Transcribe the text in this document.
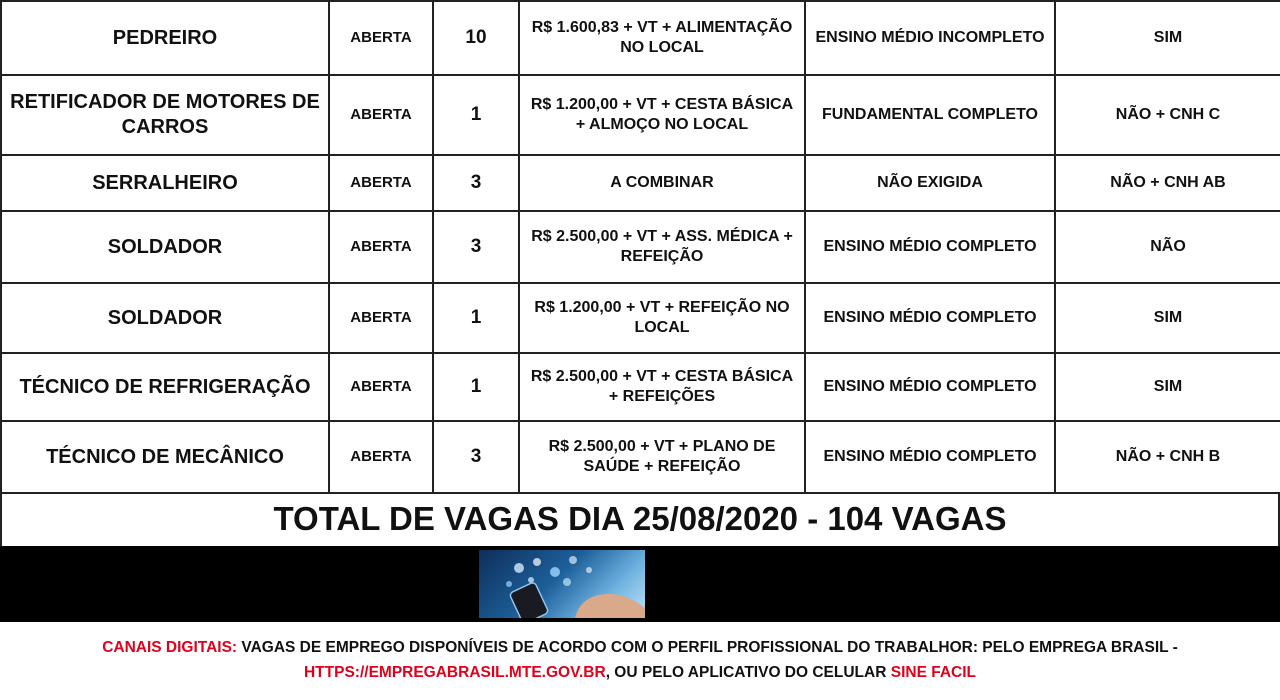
PEDREIRO	ABERTA	10	R$ 1.600,83 + VT + ALIMENTAÇÃO NO LOCAL	ENSINO MÉDIO INCOMPLETO	SIM
RETIFICADOR DE MOTORES DE CARROS	ABERTA	1	R$ 1.200,00 + VT + CESTA BÁSICA + ALMOÇO NO LOCAL	FUNDAMENTAL COMPLETO	NÃO + CNH C
SERRALHEIRO	ABERTA	3	A COMBINAR	NÃO EXIGIDA	NÃO + CNH AB
SOLDADOR	ABERTA	3	R$ 2.500,00 + VT + ASS. MÉDICA + REFEIÇÃO	ENSINO MÉDIO COMPLETO	NÃO
SOLDADOR	ABERTA	1	R$ 1.200,00 + VT + REFEIÇÃO NO LOCAL	ENSINO MÉDIO COMPLETO	SIM
TÉCNICO DE REFRIGERAÇÃO	ABERTA	1	R$ 2.500,00 + VT + CESTA BÁSICA + REFEIÇÕES	ENSINO MÉDIO COMPLETO	SIM
TÉCNICO DE MECÂNICO	ABERTA	3	R$ 2.500,00 + VT + PLANO DE SAÚDE + REFEIÇÃO	ENSINO MÉDIO COMPLETO	NÃO + CNH B
TOTAL DE VAGAS DIA 25/08/2020 - 104 VAGAS
CANAIS DIGITAIS: VAGAS DE EMPREGO DISPONÍVEIS DE ACORDO COM O PERFIL PROFISSIONAL DO TRABALHOR: PELO EMPREGA BRASIL -
HTTPS://EMPREGABRASIL.MTE.GOV.BR, OU PELO APLICATIVO DO CELULAR SINE FACIL
